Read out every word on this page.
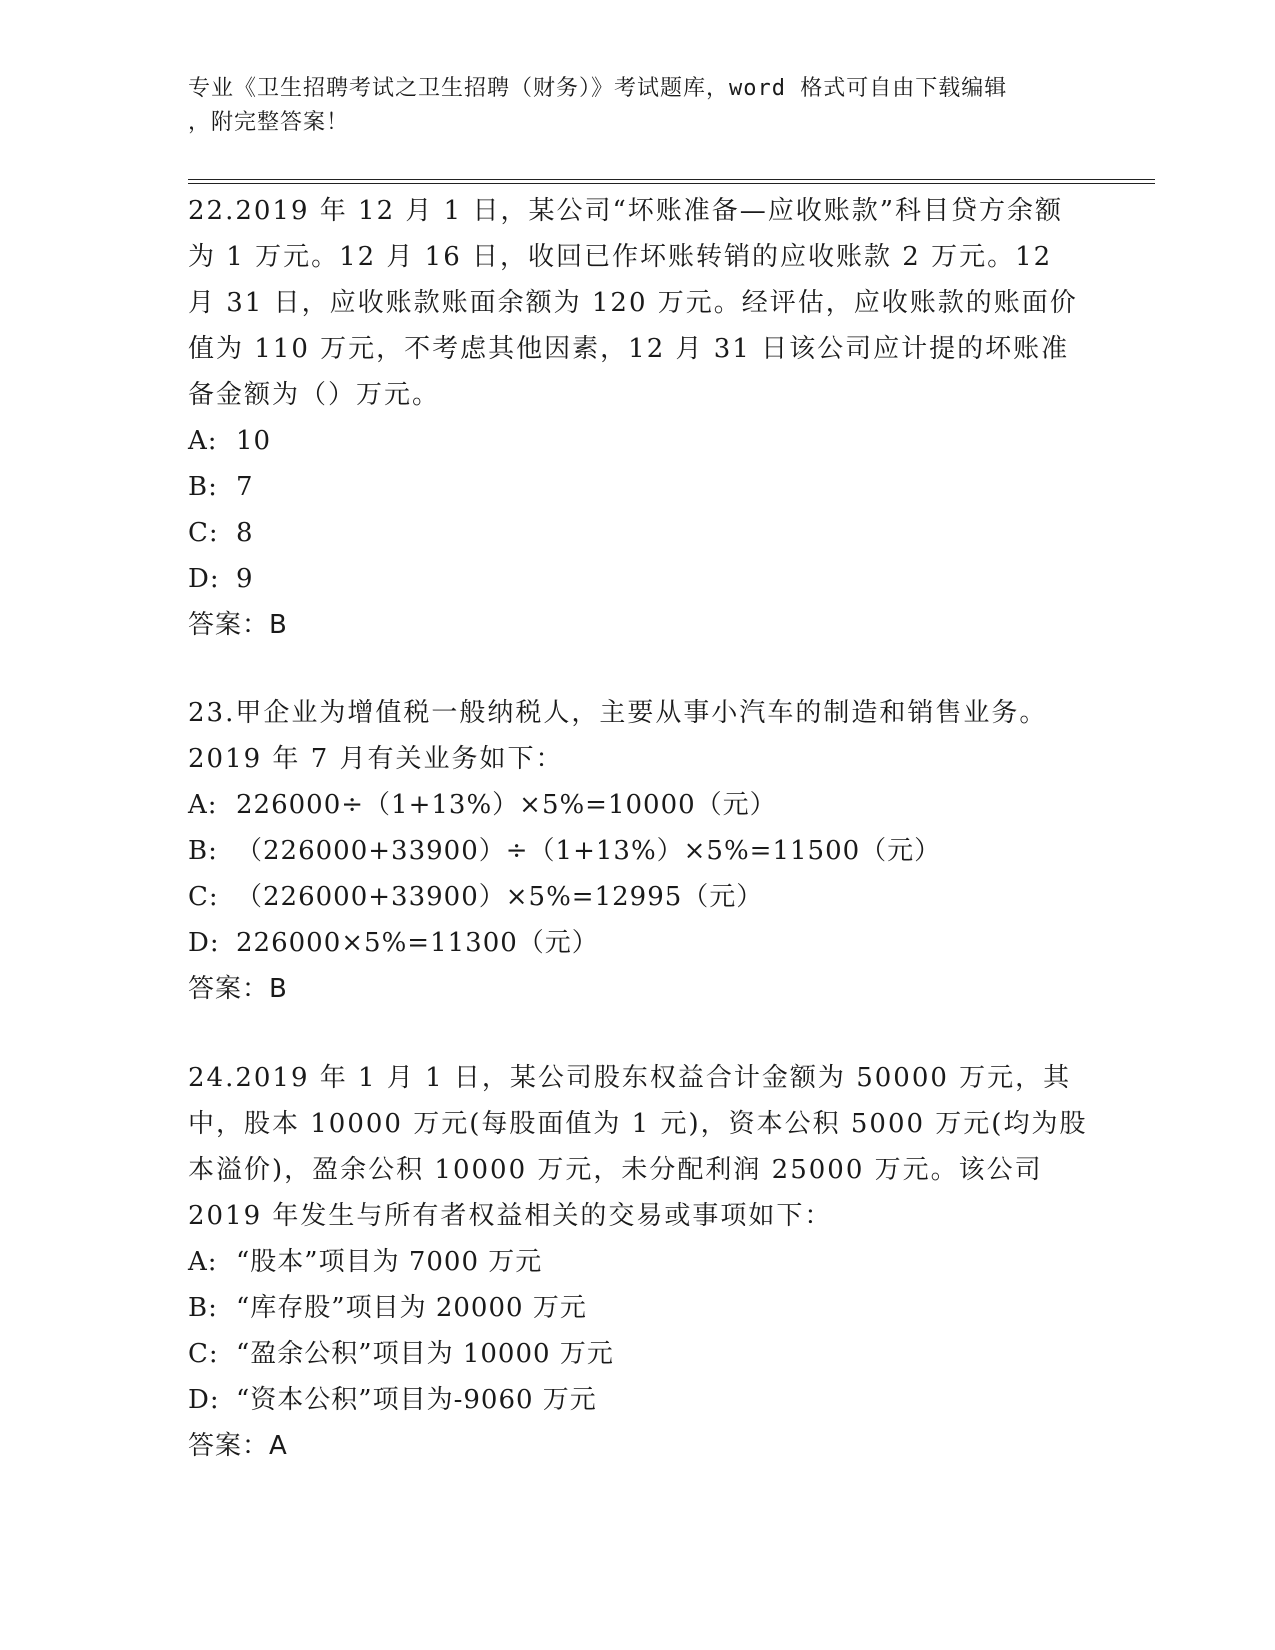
专业《卫生招聘考试之卫生招聘（财务）》考试题库，word 格式可自由下载编辑
，附完整答案！

22.2019 年 12 月 1 日，某公司“坏账准备—应收账款”科目贷方余额为 1 万元。12 月 16 日，收回已作坏账转销的应收账款 2 万元。12 月 31 日，应收账款账面余额为 120 万元。经评估，应收账款的账面价值为 110 万元，不考虑其他因素，12 月 31 日该公司应计提的坏账准备金额为（）万元。

A: 10

B: 7

C: 8

D: 9

答案：B

23.甲企业为增值税一般纳税人，主要从事小汽车的制造和销售业务。2019 年 7 月有关业务如下：

A: 226000÷（1+13%）×5%=10000（元）

B: （226000+33900）÷（1+13%）×5%=11500（元）

C: （226000+33900）×5%=12995（元）

D: 226000×5%=11300（元）

答案：B

24.2019 年 1 月 1 日，某公司股东权益合计金额为 50000 万元，其中，股本 10000 万元(每股面值为 1 元)，资本公积 5000 万元(均为股本溢价)，盈余公积 10000 万元，未分配利润 25000 万元。该公司 2019 年发生与所有者权益相关的交易或事项如下：

A: “股本”项目为 7000 万元

B: “库存股”项目为 20000 万元

C: “盈余公积”项目为 10000 万元

D: “资本公积”项目为-9060 万元

答案：A
